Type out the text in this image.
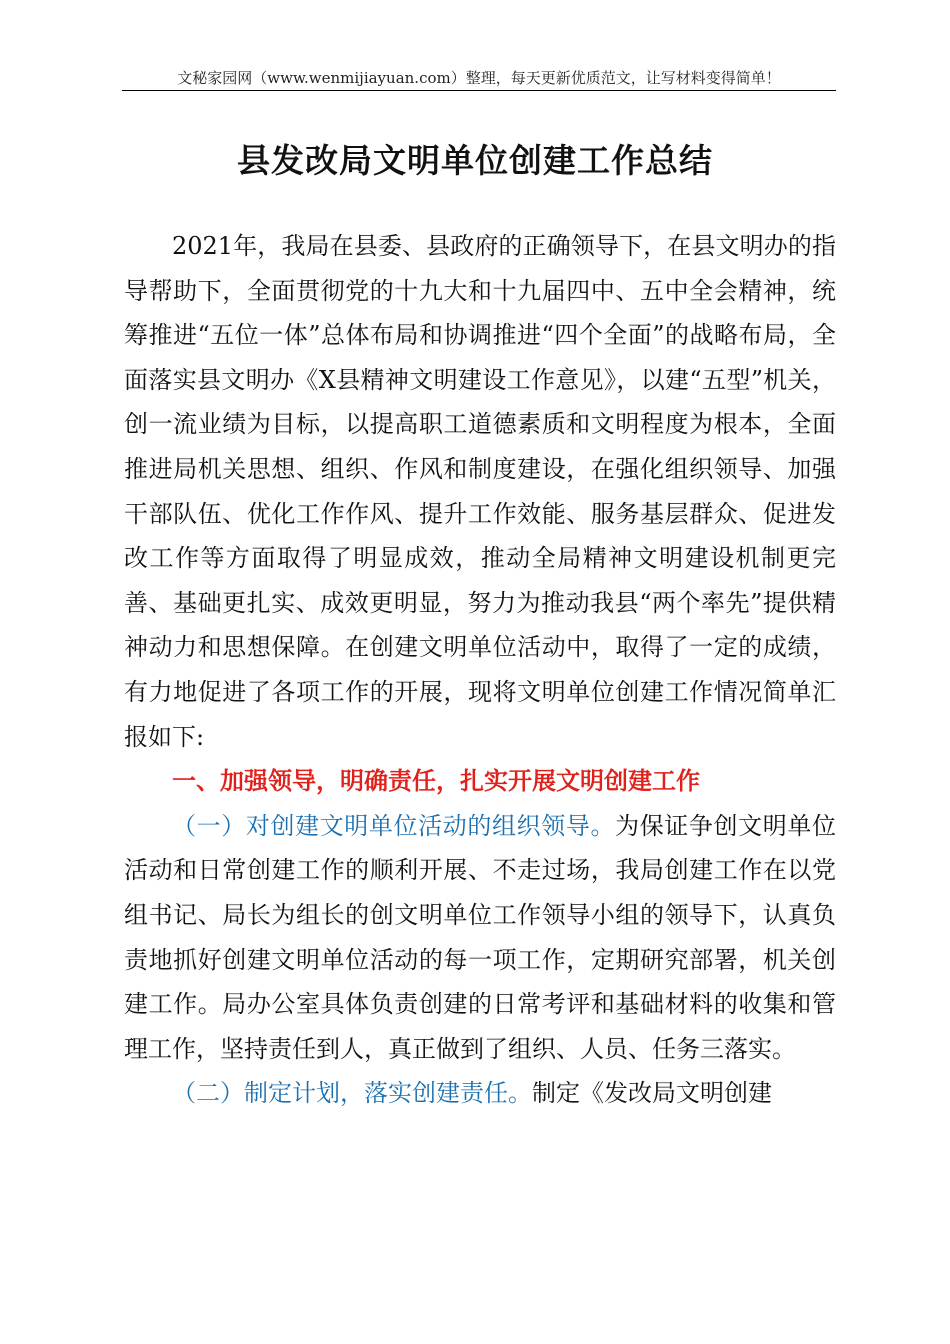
文秘家园网（www.wenmijiayuan.com）整理，每天更新优质范文，让写材料变得简单！
县发改局文明单位创建工作总结

2021年，我局在县委、县政府的正确领导下，在县文明办的指导帮助下，全面贯彻党的十九大和十九届四中、五中全会精神，统筹推进“五位一体”总体布局和协调推进“四个全面”的战略布局，全面落实县文明办《X县精神文明建设工作意见》，以建“五型”机关，创一流业绩为目标，以提高职工道德素质和文明程度为根本，全面推进局机关思想、组织、作风和制度建设，在强化组织领导、加强干部队伍、优化工作作风、提升工作效能、服务基层群众、促进发改工作等方面取得了明显成效，推动全局精神文明建设机制更完善、基础更扎实、成效更明显，努力为推动我县“两个率先”提供精神动力和思想保障。在创建文明单位活动中，取得了一定的成绩，有力地促进了各项工作的开展，现将文明单位创建工作情况简单汇报如下:

一、加强领导，明确责任，扎实开展文明创建工作

（一）对创建文明单位活动的组织领导。为保证争创文明单位活动和日常创建工作的顺利开展、不走过场，我局创建工作在以党组书记、局长为组长的创文明单位工作领导小组的领导下，认真负责地抓好创建文明单位活动的每一项工作，定期研究部署，机关创建工作。局办公室具体负责创建的日常考评和基础材料的收集和管理工作，坚持责任到人，真正做到了组织、人员、任务三落实。

（二）制定计划，落实创建责任。制定《发改局文明创建
